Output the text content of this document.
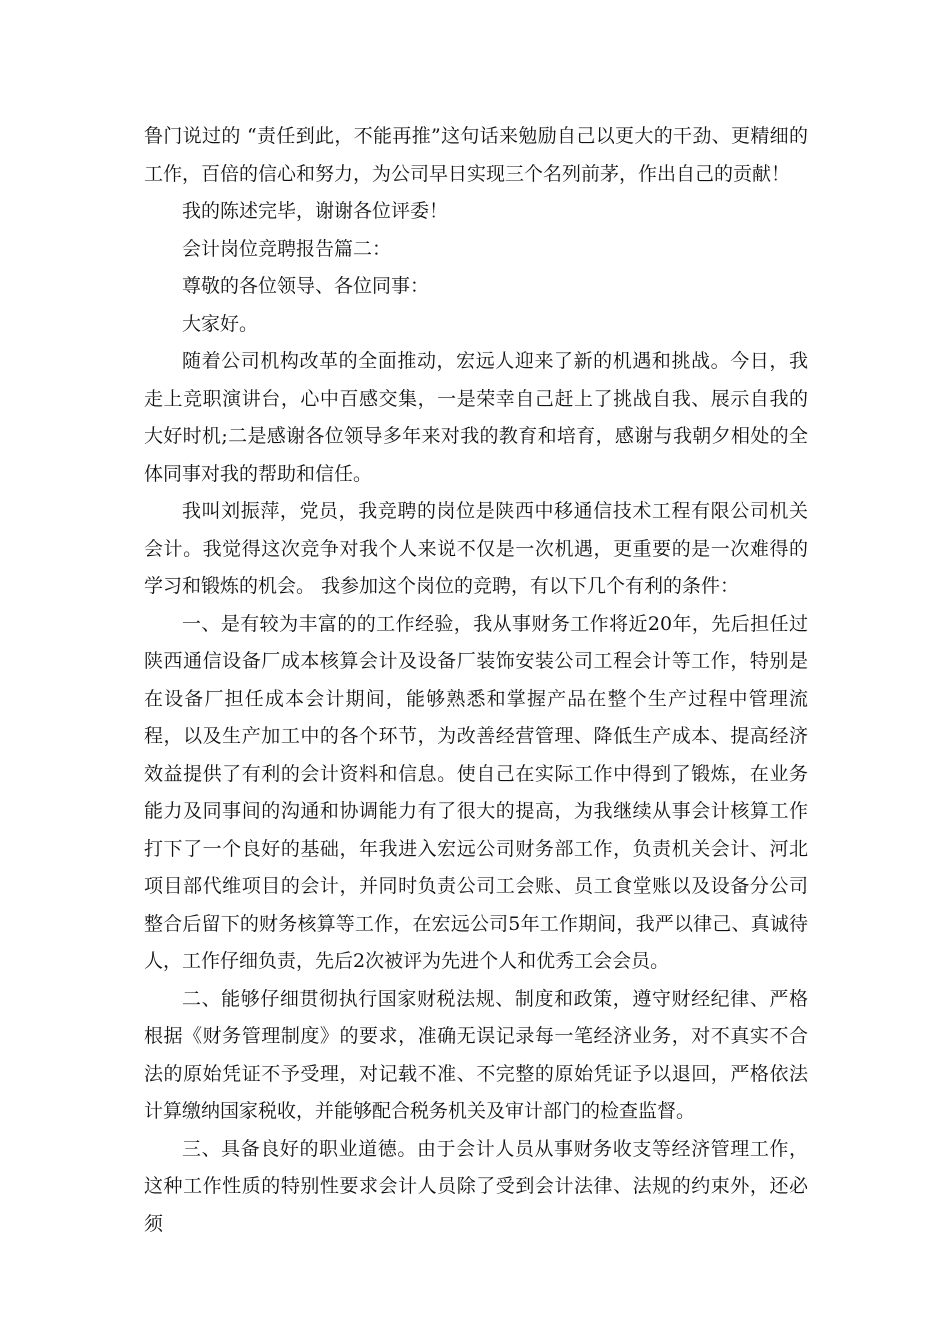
鲁门说过的 “责任到此，不能再推”这句话来勉励自己以更大的干劲、更精细的工作，百倍的信心和努力，为公司早日实现三个名列前茅，作出自己的贡献！

我的陈述完毕，谢谢各位评委！

会计岗位竞聘报告篇二：

尊敬的各位领导、各位同事：

大家好。

随着公司机构改革的全面推动，宏远人迎来了新的机遇和挑战。今日，我走上竞职演讲台，心中百感交集，一是荣幸自己赶上了挑战自我、展示自我的大好时机;二是感谢各位领导多年来对我的教育和培育，感谢与我朝夕相处的全体同事对我的帮助和信任。

我叫刘振萍，党员，我竞聘的岗位是陕西中移通信技术工程有限公司机关会计。我觉得这次竞争对我个人来说不仅是一次机遇，更重要的是一次难得的学习和锻炼的机会。 我参加这个岗位的竞聘，有以下几个有利的条件：

一、是有较为丰富的的工作经验，我从事财务工作将近20年，先后担任过陕西通信设备厂成本核算会计及设备厂装饰安装公司工程会计等工作，特别是在设备厂担任成本会计期间，能够熟悉和掌握产品在整个生产过程中管理流程，以及生产加工中的各个环节，为改善经营管理、降低生产成本、提高经济效益提供了有利的会计资料和信息。使自己在实际工作中得到了锻炼，在业务能力及同事间的沟通和协调能力有了很大的提高，为我继续从事会计核算工作打下了一个良好的基础，年我进入宏远公司财务部工作，负责机关会计、河北项目部代维项目的会计，并同时负责公司工会账、员工食堂账以及设备分公司整合后留下的财务核算等工作，在宏远公司5年工作期间，我严以律己、真诚待人，工作仔细负责，先后2次被评为先进个人和优秀工会会员。

二、能够仔细贯彻执行国家财税法规、制度和政策，遵守财经纪律、严格根据《财务管理制度》的要求，准确无误记录每一笔经济业务，对不真实不合法的原始凭证不予受理，对记载不准、不完整的原始凭证予以退回，严格依法计算缴纳国家税收，并能够配合税务机关及审计部门的检查监督。

三、具备良好的职业道德。由于会计人员从事财务收支等经济管理工作，这种工作性质的特别性要求会计人员除了受到会计法律、法规的约束外，还必须
